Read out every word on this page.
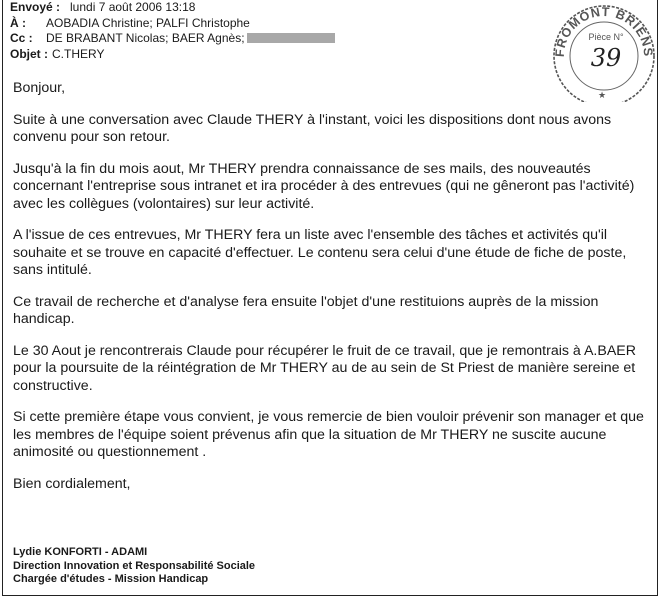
Envoyé : lundi 7 août 2006 13:18
À : AOBADIA Christine; PALFI Christophe
Cc : DE BRABANT Nicolas; BAER Agnès;
Objet : C.THERY

Bonjour,

Suite à une conversation avec Claude THERY à l'instant, voici les dispositions dont nous avons convenu pour son retour.

Jusqu'à la fin du mois aout, Mr THERY prendra connaissance de ses mails, des nouveautés concernant l'entreprise sous intranet et ira procéder à des entrevues (qui ne gêneront pas l'activité) avec les collègues (volontaires) sur leur activité.

A l'issue de ces entrevues, Mr THERY fera un liste avec l'ensemble des tâches et activités qu'il souhaite et se trouve en capacité d'effectuer. Le contenu sera celui d'une étude de fiche de poste, sans intitulé.

Ce travail de recherche et d'analyse fera ensuite l'objet d'une restituions auprès de la mission handicap.

Le 30 Aout je rencontrerais Claude pour récupérer le fruit de ce travail, que je remontrais à A.BAER pour la poursuite de la réintégration de Mr THERY au de au sein de St Priest de manière sereine et constructive.

Si cette première étape vous convient, je vous remercie de bien vouloir prévenir son manager et que les membres de l'équipe soient prévenus afin que la situation de Mr THERY ne suscite aucune animosité ou questionnement .

Bien cordialement,

Lydie KONFORTI - ADAMI
Direction Innovation et Responsabilité Sociale
Chargée d'études - Mission Handicap
FROMONT BRIENS
Pièce N°
39
★
